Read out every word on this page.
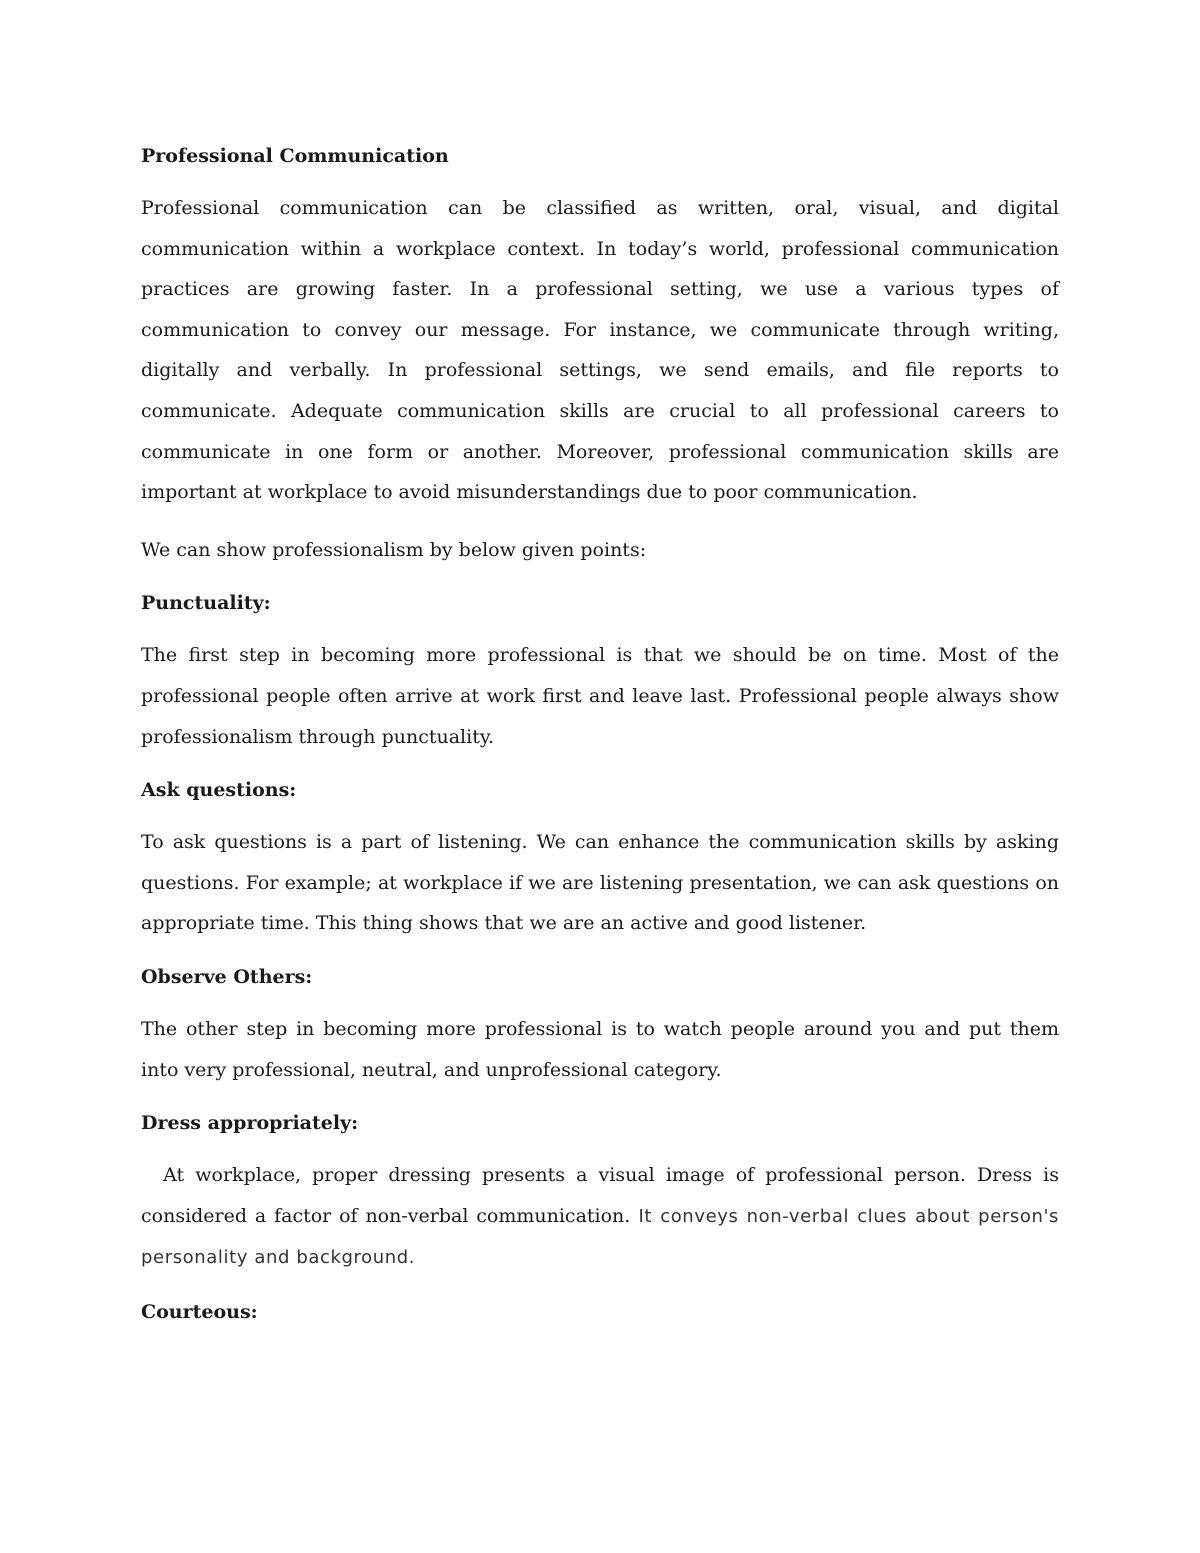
Professional Communication

Professional communication can be classified as written, oral, visual, and digital communication within a workplace context. In today’s world, professional communication practices are growing faster. In a professional setting, we use a various types of communication to convey our message. For instance, we communicate through writing, digitally and verbally. In professional settings, we send emails, and file reports to communicate. Adequate communication skills are crucial to all professional careers to communicate in one form or another. Moreover, professional communication skills are important at workplace to avoid misunderstandings due to poor communication.

We can show professionalism by below given points:

Punctuality:

The first step in becoming more professional is that we should be on time. Most of the professional people often arrive at work first and leave last. Professional people always show professionalism through punctuality.

Ask questions:

To ask questions is a part of listening. We can enhance the communication skills by asking questions. For example; at workplace if we are listening presentation, we can ask questions on appropriate time. This thing shows that we are an active and good listener.

Observe Others:

The other step in becoming more professional is to watch people around you and put them into very professional, neutral, and unprofessional category.

Dress appropriately:

At workplace, proper dressing presents a visual image of professional person. Dress is considered a factor of non-verbal communication. It conveys non-verbal clues about person's personality and background.

Courteous:
